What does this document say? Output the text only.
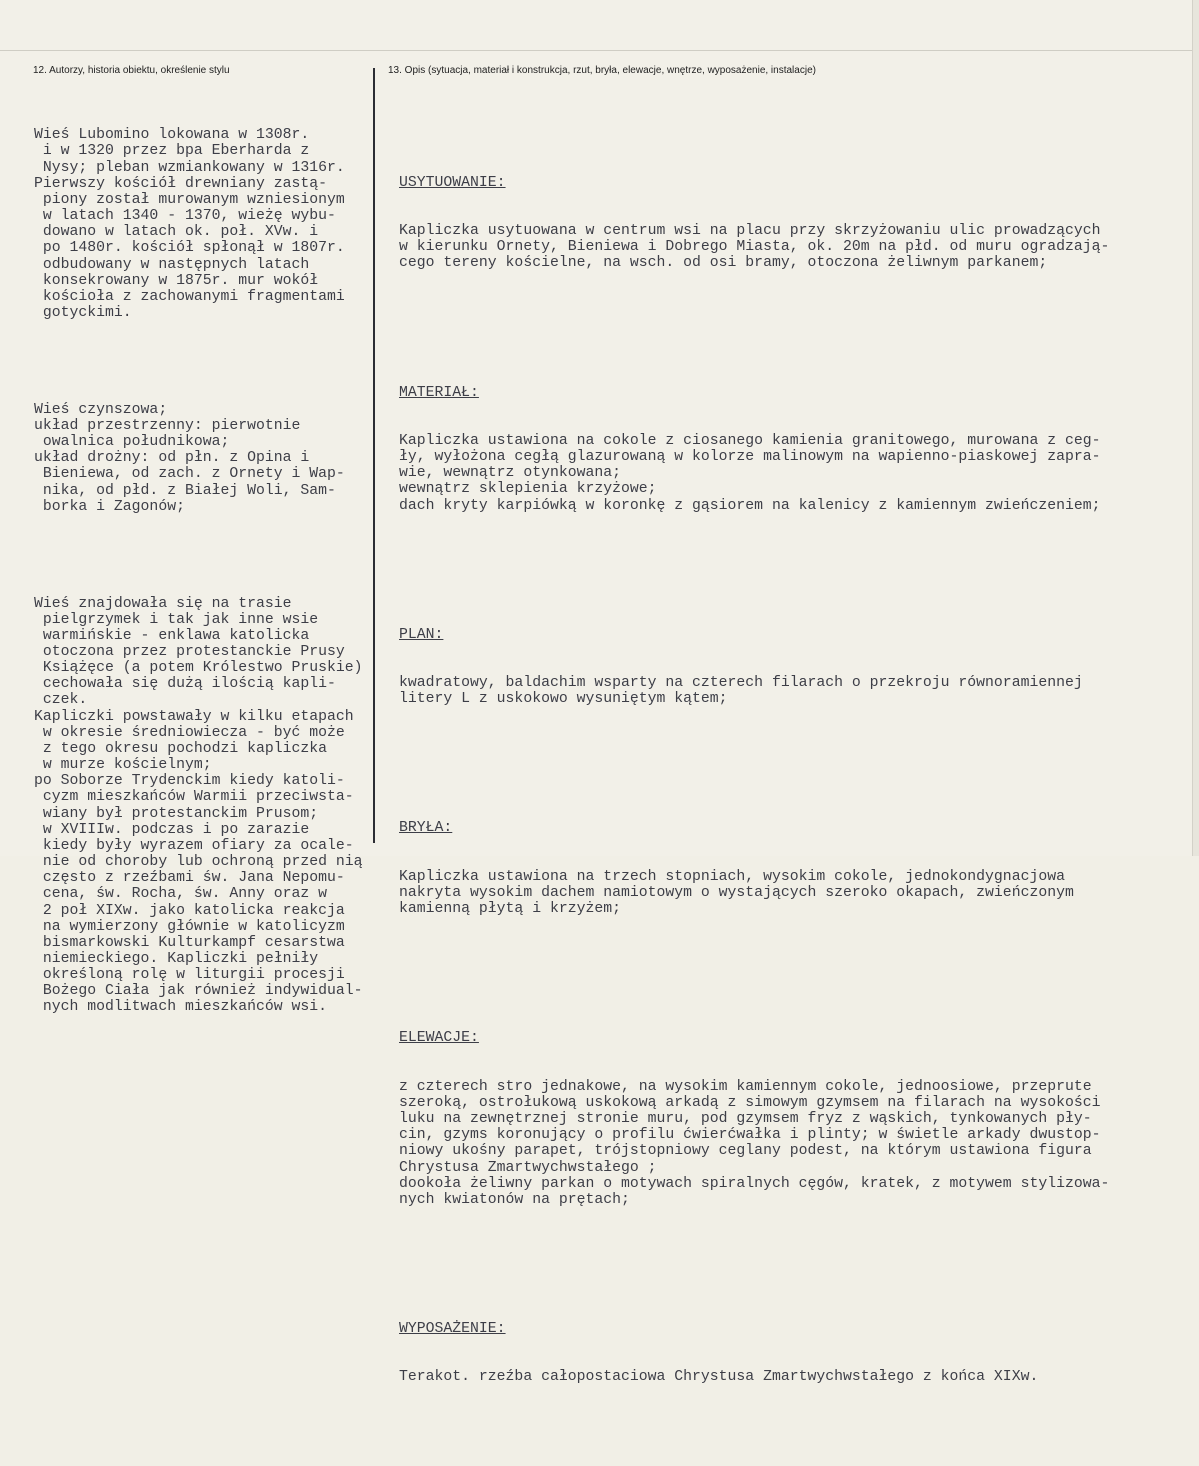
12. Autorzy, historia obiektu, określenie stylu	13. Opis (sytuacja, materiał i konstrukcja, rzut, bryła, elewacje, wnętrze, wyposażenie, instalacje)

Wieś Lubomino lokowana w 1308r.
i w 1320 przez bpa Eberharda z
Nysy; pleban wzmiankowany w 1316r.
Pierwszy kościół drewniany zastą-
piony został murowanym wzniesionym
w latach 1340 - 1370, wieżę wybu-
dowano w latach ok. poł. XVw. i
po 1480r. kościół spłonął w 1807r.
odbudowany w następnych latach
konsekrowany w 1875r. mur wokół
kościoła z zachowanymi fragmentami
gotyckimi.

Wieś czynszowa;
układ przestrzenny: pierwotnie
owalnica południkowa;
układ drożny: od płn. z Opina i
Bieniewa, od zach. z Ornety i Wap-
nika, od płd. z Białej Woli, Sam-
borka i Zagonów;

Wieś znajdowała się na trasie
pielgrzymek i tak jak inne wsie
warmińskie - enklawa katolicka
otoczona przez protestanckie Prusy
Książęce (a potem Królestwo Pruskie)
cechowała się dużą ilością kapli-
czek.
Kapliczki powstawały w kilku etapach
w okresie średniowiecza - być może
z tego okresu pochodzi kapliczka
w murze kościelnym;
po Soborze Trydenckim kiedy katoli-
cyzm mieszkańców Warmii przeciwsta-
wiany był protestanckim Prusom;
w XVIIIw. podczas i po zarazie
kiedy były wyrazem ofiary za ocale-
nie od choroby lub ochroną przed nią
często z rzeźbami św. Jana Nepomu-
cena, św. Rocha, św. Anny oraz w
2 poł XIXw. jako katolicka reakcja
na wymierzony głównie w katolicyzm
bismarkowski Kulturkampf cesarstwa
niemieckiego. Kapliczki pełniły
określoną rolę w liturgii procesji
Bożego Ciała jak również indywidual-
nych modlitwach mieszkańców wsi.

USYTUOWANIE:

Kapliczka usytuowana w centrum wsi na placu przy skrzyżowaniu ulic prowadzących
w kierunku Ornety, Bieniewa i Dobrego Miasta, ok. 20m na płd. od muru ogradzają-
cego tereny kościelne, na wsch. od osi bramy, otoczona żeliwnym parkanem;

MATERIAŁ:

Kapliczka ustawiona na cokole z ciosanego kamienia granitowego, murowana z ceg-
ły, wyłożona cegłą glazurowaną w kolorze malinowym na wapienno-piaskowej zapra-
wie, wewnątrz otynkowana;
wewnątrz sklepienia krzyżowe;
dach kryty karpiówką w koronkę z gąsiorem na kalenicy z kamiennym zwieńczeniem;

PLAN:

kwadratowy, baldachim wsparty na czterech filarach o przekroju równoramiennej
litery L z uskokowo wysuniętym kątem;

BRYŁA:

Kapliczka ustawiona na trzech stopniach, wysokim cokole, jednokondygnacjowa
nakryta wysokim dachem namiotowym o wystających szeroko okapach, zwieńczonym
kamienną płytą i krzyżem;

ELEWACJE:

z czterech stro jednakowe, na wysokim kamiennym cokole, jednoosiowe, przeprute
szeroką, ostrołukową uskokową arkadą z simowym gzymsem na filarach na wysokości
luku na zewnętrznej stronie muru, pod gzymsem fryz z wąskich, tynkowanych pły-
cin, gzyms koronujący o profilu ćwierćwałka i plinty; w świetle arkady dwustop-
niowy ukośny parapet, trójstopniowy ceglany podest, na którym ustawiona figura
Chrystusa Zmartwychwstałego ;
dookoła żeliwny parkan o motywach spiralnych cęgów, kratek, z motywem stylizowa-
nych kwiatonów na prętach;

WYPOSAŻENIE:

Terakot. rzeźba całopostaciowa Chrystusa Zmartwychwstałego z końca XIXw.
